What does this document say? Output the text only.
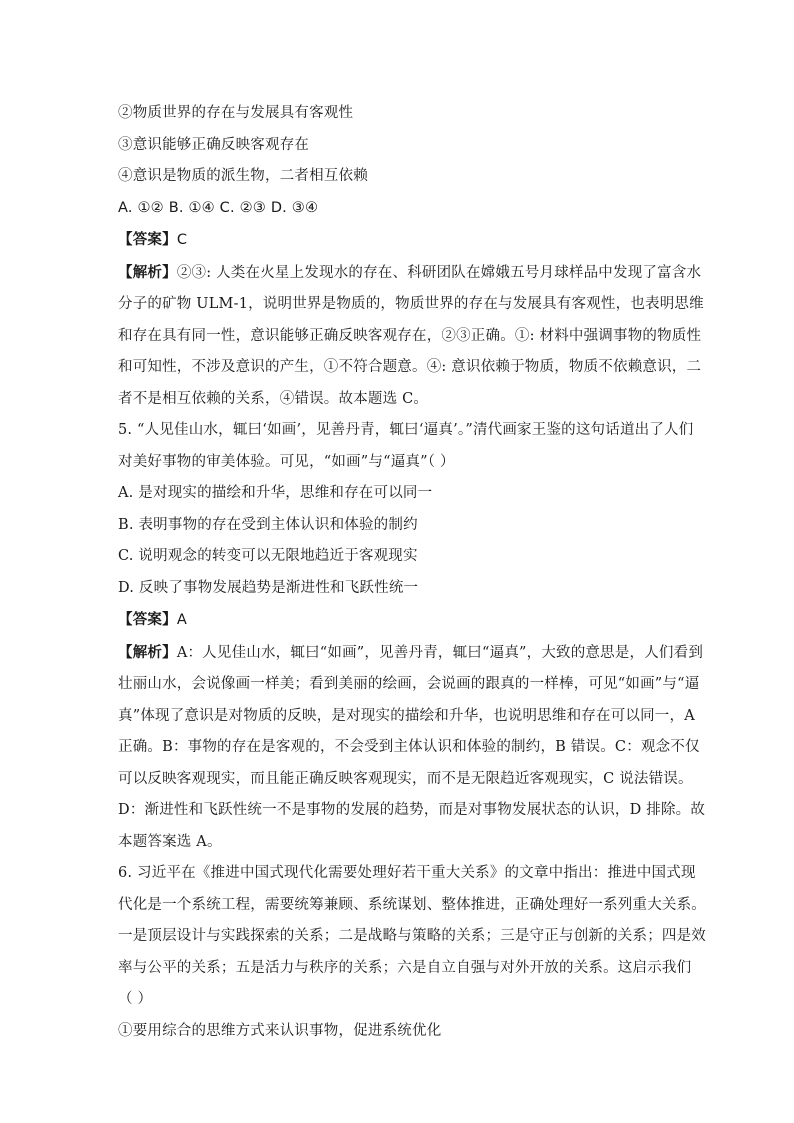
②物质世界的存在与发展具有客观性
③意识能够正确反映客观存在
④意识是物质的派生物，二者相互依赖
A. ①② B. ①④ C. ②③ D. ③④
【答案】C
【解析】②③: 人类在火星上发现水的存在、科研团队在嫦娥五号月球样品中发现了富含水
分子的矿物 ULM-1，说明世界是物质的，物质世界的存在与发展具有客观性，也表明思维
和存在具有同一性，意识能够正确反映客观存在，②③正确。①: 材料中强调事物的物质性
和可知性，不涉及意识的产生，①不符合题意。④: 意识依赖于物质，物质不依赖意识，二
者不是相互依赖的关系，④错误。故本题选 C。
5. “人见佳山水，辄曰‘如画’，见善丹青，辄曰‘逼真’。”清代画家王鉴的这句话道出了人们
对美好事物的审美体验。可见，“如画”与“逼真”（ ）
A. 是对现实的描绘和升华，思维和存在可以同一
B. 表明事物的存在受到主体认识和体验的制约
C. 说明观念的转变可以无限地趋近于客观现实
D. 反映了事物发展趋势是渐进性和飞跃性统一
【答案】A
【解析】A：人见佳山水，辄曰“如画”，见善丹青，辄曰“逼真”，大致的意思是，人们看到
壮丽山水，会说像画一样美；看到美丽的绘画，会说画的跟真的一样棒，可见“如画”与“逼
真”体现了意识是对物质的反映，是对现实的描绘和升华，也说明思维和存在可以同一，A
正确。B：事物的存在是客观的，不会受到主体认识和体验的制约，B 错误。C：观念不仅
可以反映客观现实，而且能正确反映客观现实，而不是无限趋近客观现实，C 说法错误。
D：渐进性和飞跃性统一不是事物的发展的趋势，而是对事物发展状态的认识，D 排除。故
本题答案选 A。
6. 习近平在《推进中国式现代化需要处理好若干重大关系》的文章中指出：推进中国式现
代化是一个系统工程，需要统筹兼顾、系统谋划、整体推进，正确处理好一系列重大关系。
一是顶层设计与实践探索的关系；二是战略与策略的关系；三是守正与创新的关系；四是效
率与公平的关系；五是活力与秩序的关系；六是自立自强与对外开放的关系。这启示我们
（ ）
①要用综合的思维方式来认识事物，促进系统优化
